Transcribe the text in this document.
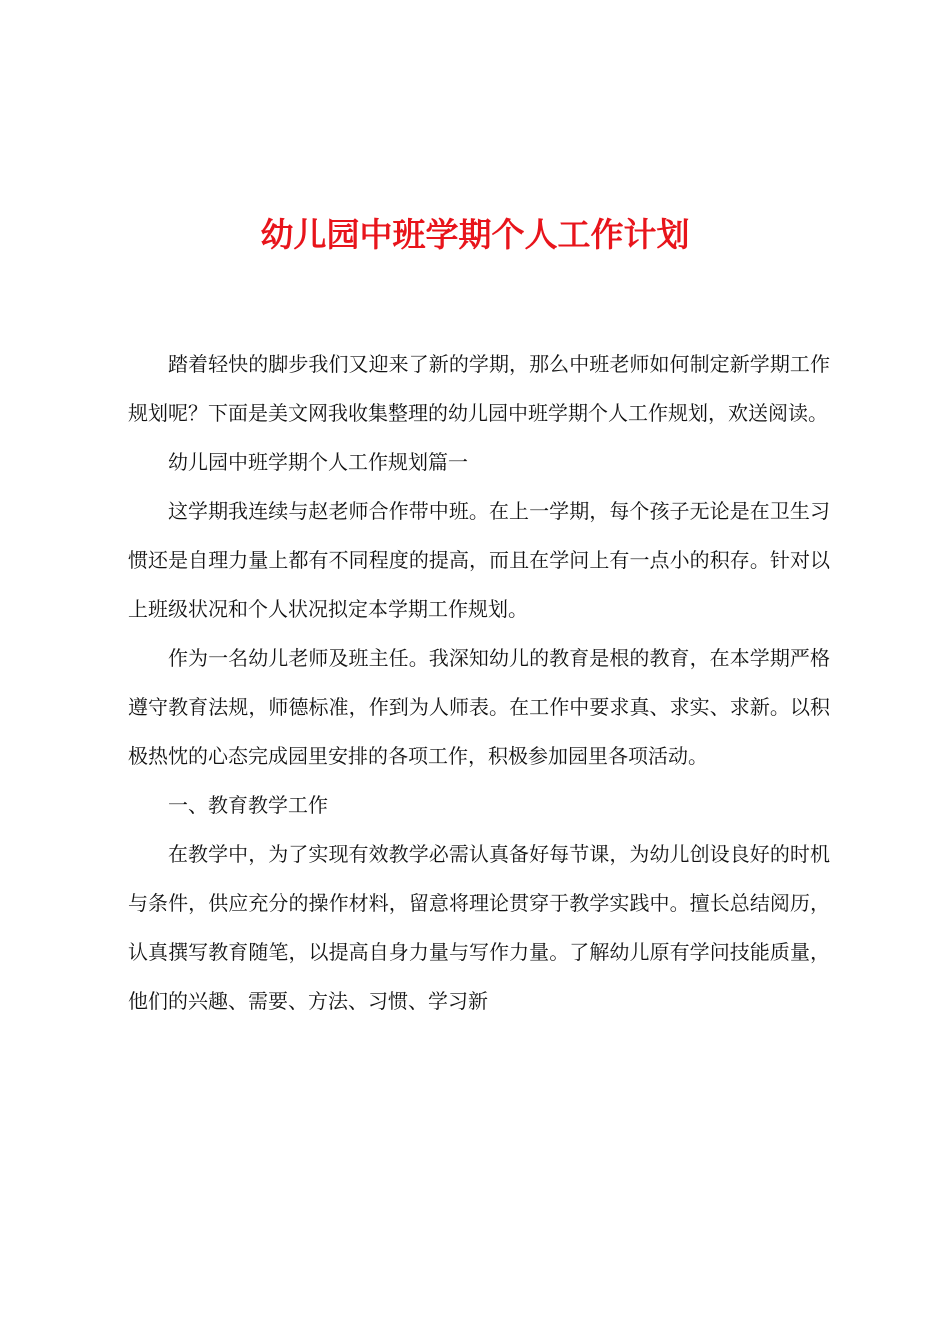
幼儿园中班学期个人工作计划

踏着轻快的脚步我们又迎来了新的学期，那么中班老师如何制定新学期工作规划呢？下面是美文网我收集整理的幼儿园中班学期个人工作规划，欢送阅读。

幼儿园中班学期个人工作规划篇一

这学期我连续与赵老师合作带中班。在上一学期，每个孩子无论是在卫生习惯还是自理力量上都有不同程度的提高，而且在学问上有一点小的积存。针对以上班级状况和个人状况拟定本学期工作规划。

作为一名幼儿老师及班主任。我深知幼儿的教育是根的教育，在本学期严格遵守教育法规，师德标准，作到为人师表。在工作中要求真、求实、求新。以积极热忱的心态完成园里安排的各项工作，积极参加园里各项活动。

一、教育教学工作

在教学中，为了实现有效教学必需认真备好每节课，为幼儿创设良好的时机与条件，供应充分的操作材料，留意将理论贯穿于教学实践中。擅长总结阅历，认真撰写教育随笔，以提高自身力量与写作力量。了解幼儿原有学问技能质量，他们的兴趣、需要、方法、习惯、学习新
